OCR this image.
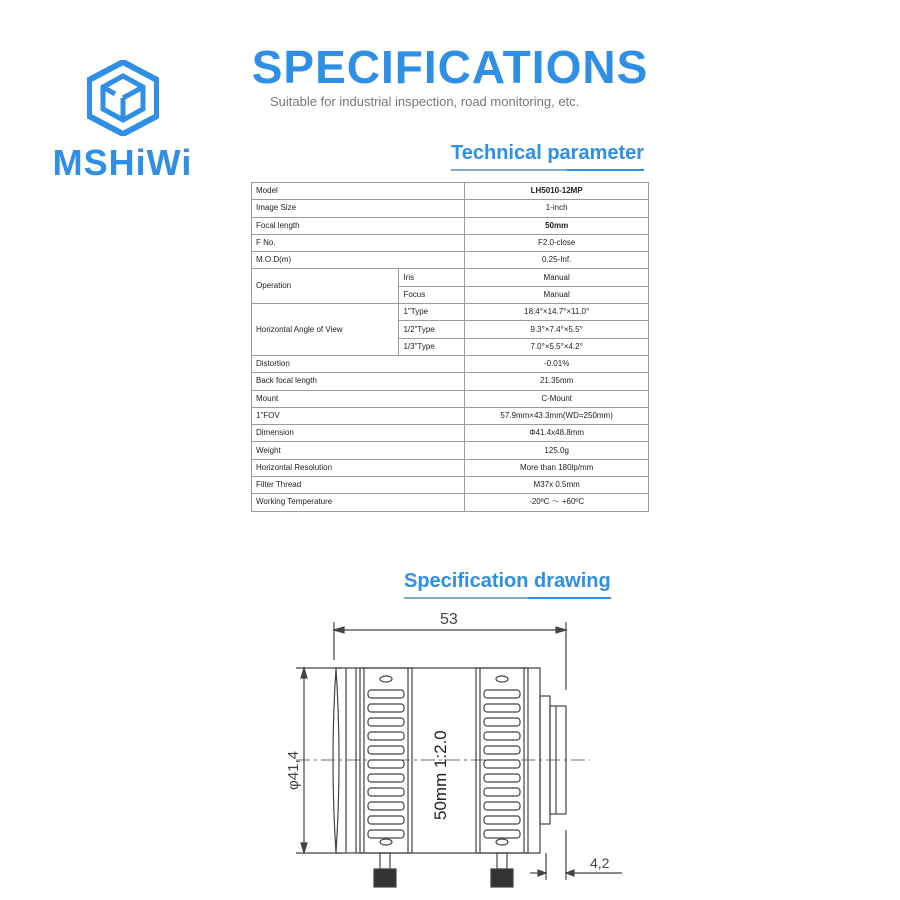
MSHiWi
SPECIFICATIONS
Suitable for industrial inspection, road monitoring, etc.
Technical parameter
Model		LH5010-12MP
Image Size		1-inch
Focal length		50mm
F No.		F2.0-close
M.O.D(m)		0.25-Inf.
Operation	Iris	Manual
	Focus	Manual
Horizontal Angle of View	1"Type	18.4°×14.7°×11.0°
	1/2"Type	9.3°×7.4°×5.5°
	1/3"Type	7.0°×5.5°×4.2°
Distortion		-0.01%
Back focal length		21.35mm
Mount		C-Mount
1"FOV		57.9mm×43.3mm(WD=250mm)
Dimension		Φ41.4x48.8mm
Weight		125.0g
Horizontal Resolution		More than 180lp/mm
Filter Thread		M37x 0.5mm
Working Temperature		-20ºC ～ +60ºC
Specification drawing
53
φ41,4	50mm 1:2.0
4,2
